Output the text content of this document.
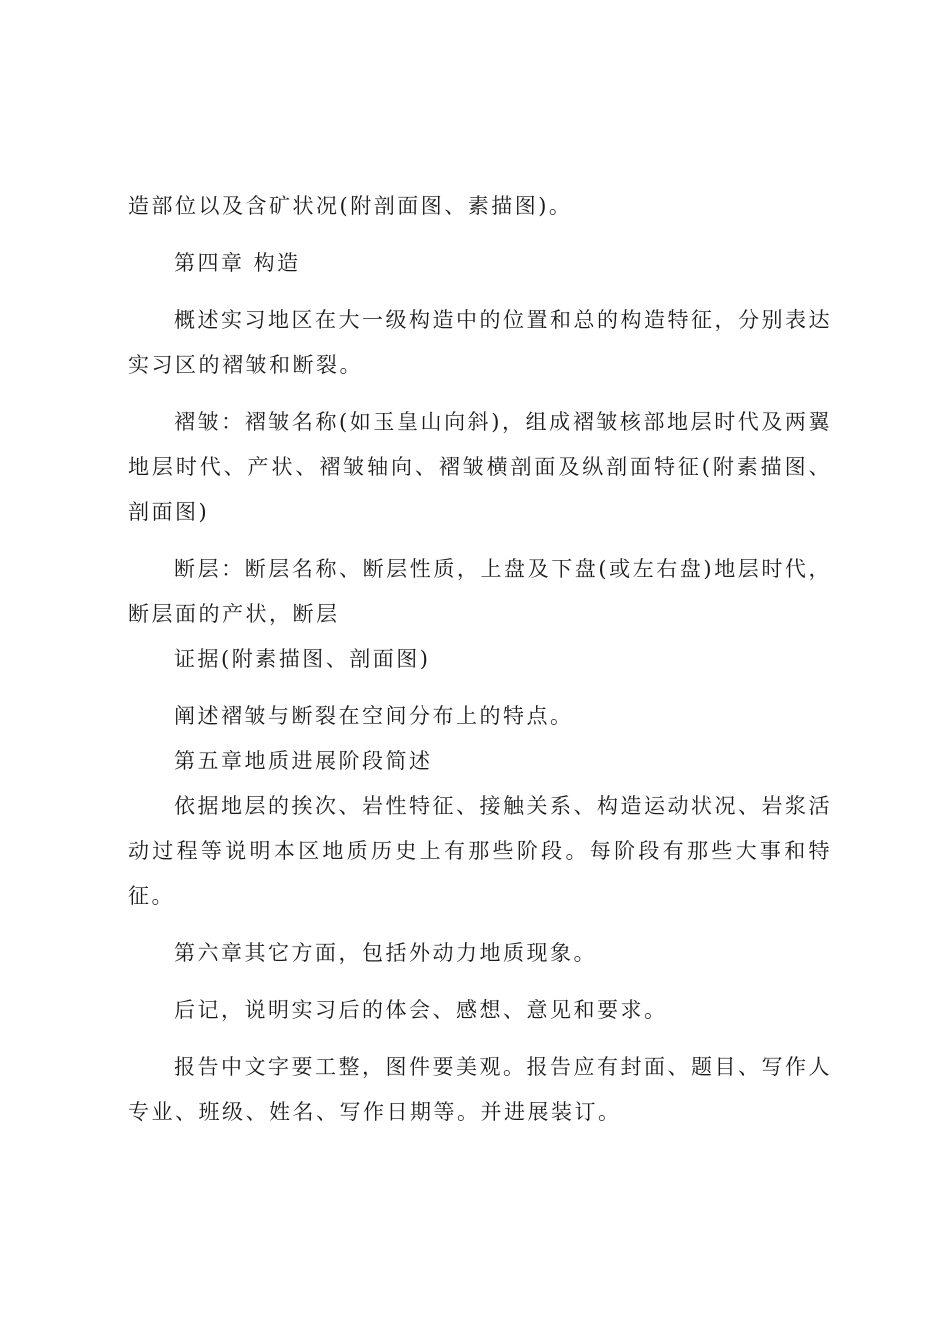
造部位以及含矿状况(附剖面图、素描图)。

第四章 构造

概述实习地区在大一级构造中的位置和总的构造特征，分别表达实习区的褶皱和断裂。

褶皱：褶皱名称(如玉皇山向斜)，组成褶皱核部地层时代及两翼地层时代、产状、褶皱轴向、褶皱横剖面及纵剖面特征(附素描图、剖面图)

断层：断层名称、断层性质，上盘及下盘(或左右盘)地层时代，断层面的产状，断层

证据(附素描图、剖面图)

阐述褶皱与断裂在空间分布上的特点。

第五章地质进展阶段简述

依据地层的挨次、岩性特征、接触关系、构造运动状况、岩浆活动过程等说明本区地质历史上有那些阶段。每阶段有那些大事和特征。

第六章其它方面，包括外动力地质现象。

后记，说明实习后的体会、感想、意见和要求。

报告中文字要工整，图件要美观。报告应有封面、题目、写作人专业、班级、姓名、写作日期等。并进展装订。
